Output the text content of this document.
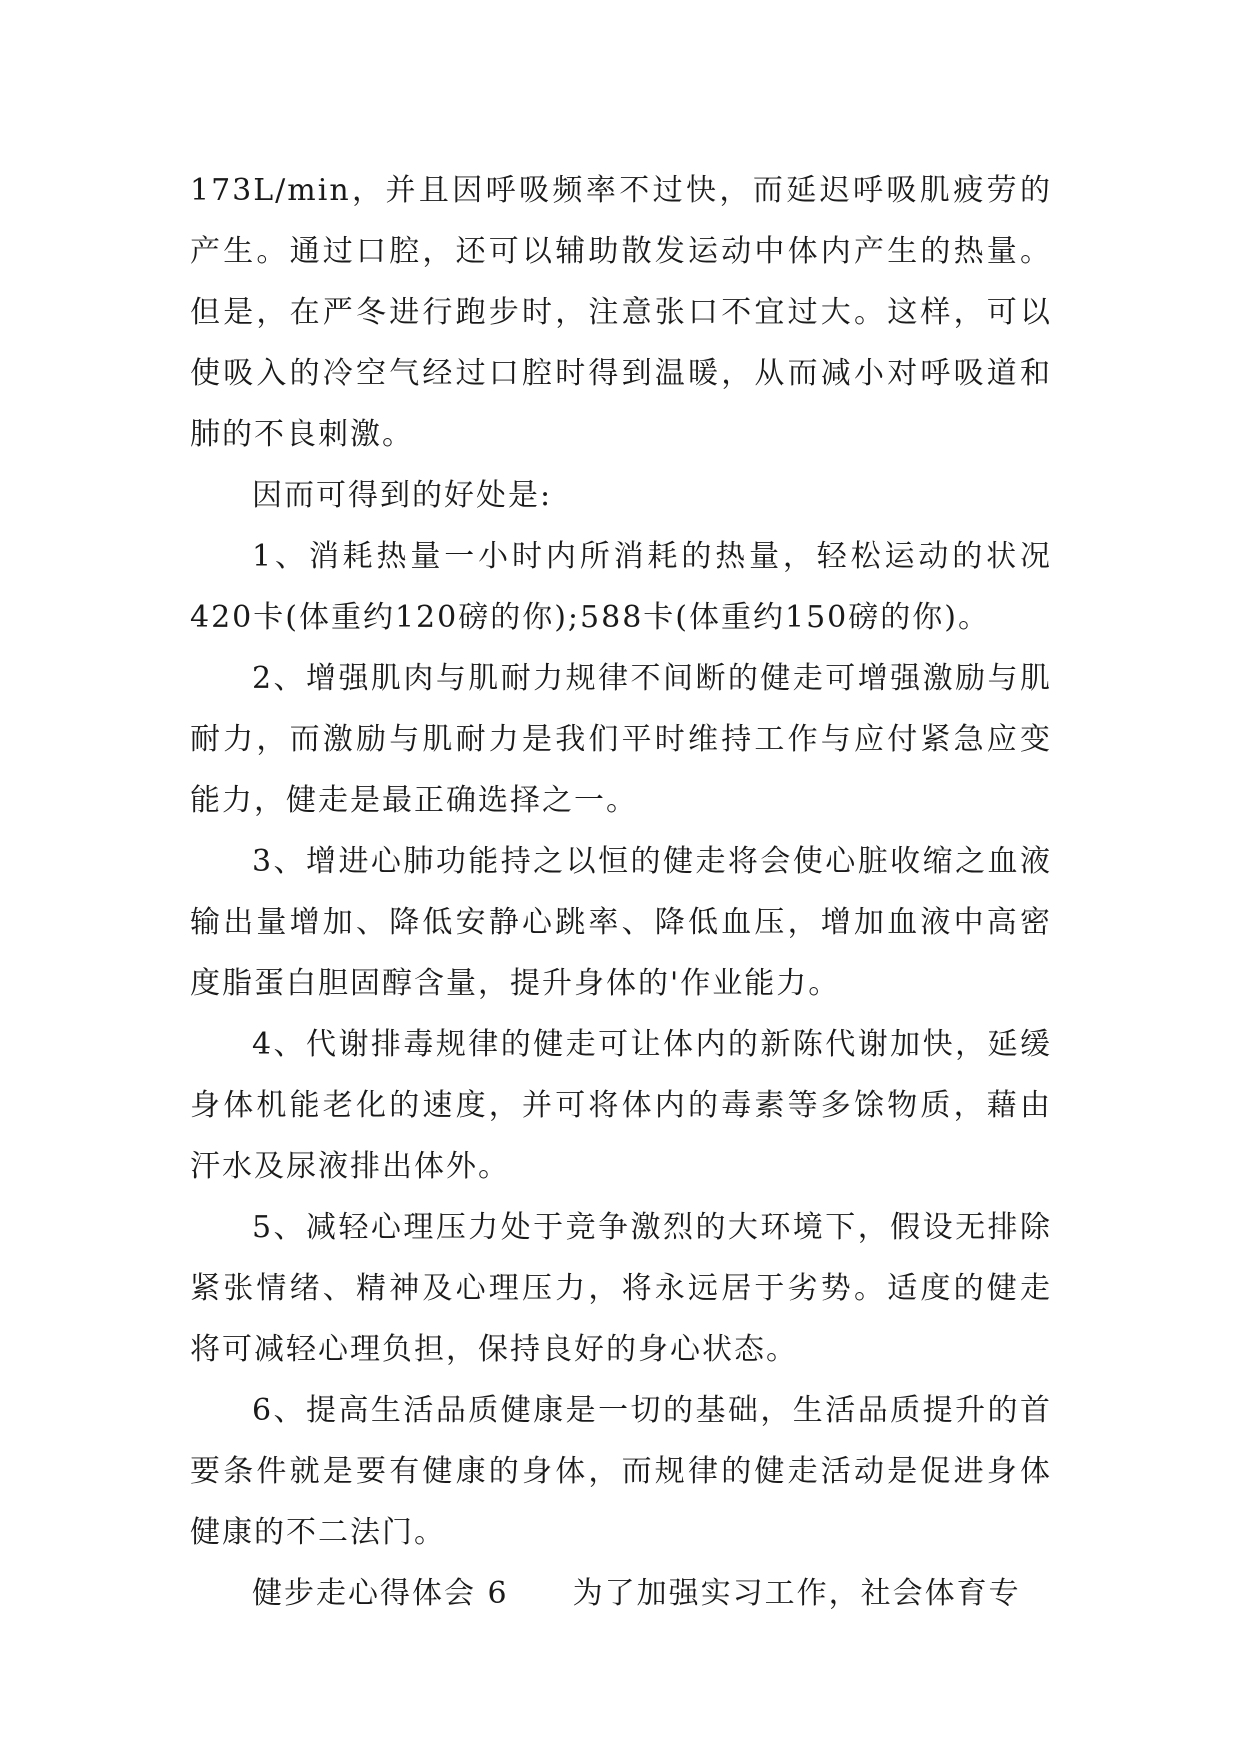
173L/min，并且因呼吸频率不过快，而延迟呼吸肌疲劳的产生。通过口腔，还可以辅助散发运动中体内产生的热量。但是，在严冬进行跑步时，注意张口不宜过大。这样，可以使吸入的冷空气经过口腔时得到温暖，从而减小对呼吸道和肺的不良刺激。

因而可得到的好处是:

1、消耗热量一小时内所消耗的热量，轻松运动的状况420卡(体重约120磅的你);588卡(体重约150磅的你)。

2、增强肌肉与肌耐力规律不间断的健走可增强激励与肌耐力，而激励与肌耐力是我们平时维持工作与应付紧急应变能力，健走是最正确选择之一。

3、增进心肺功能持之以恒的健走将会使心脏收缩之血液输出量增加、降低安静心跳率、降低血压，增加血液中高密度脂蛋白胆固醇含量，提升身体的'作业能力。

4、代谢排毒规律的健走可让体内的新陈代谢加快，延缓身体机能老化的速度，并可将体内的毒素等多馀物质，藉由汗水及尿液排出体外。

5、减轻心理压力处于竞争激烈的大环境下，假设无排除紧张情绪、精神及心理压力，将永远居于劣势。适度的健走将可减轻心理负担，保持良好的身心状态。

6、提高生活品质健康是一切的基础，生活品质提升的首要条件就是要有健康的身体，而规律的健走活动是促进身体健康的不二法门。

健步走心得体会 6　　为了加强实习工作，社会体育专
